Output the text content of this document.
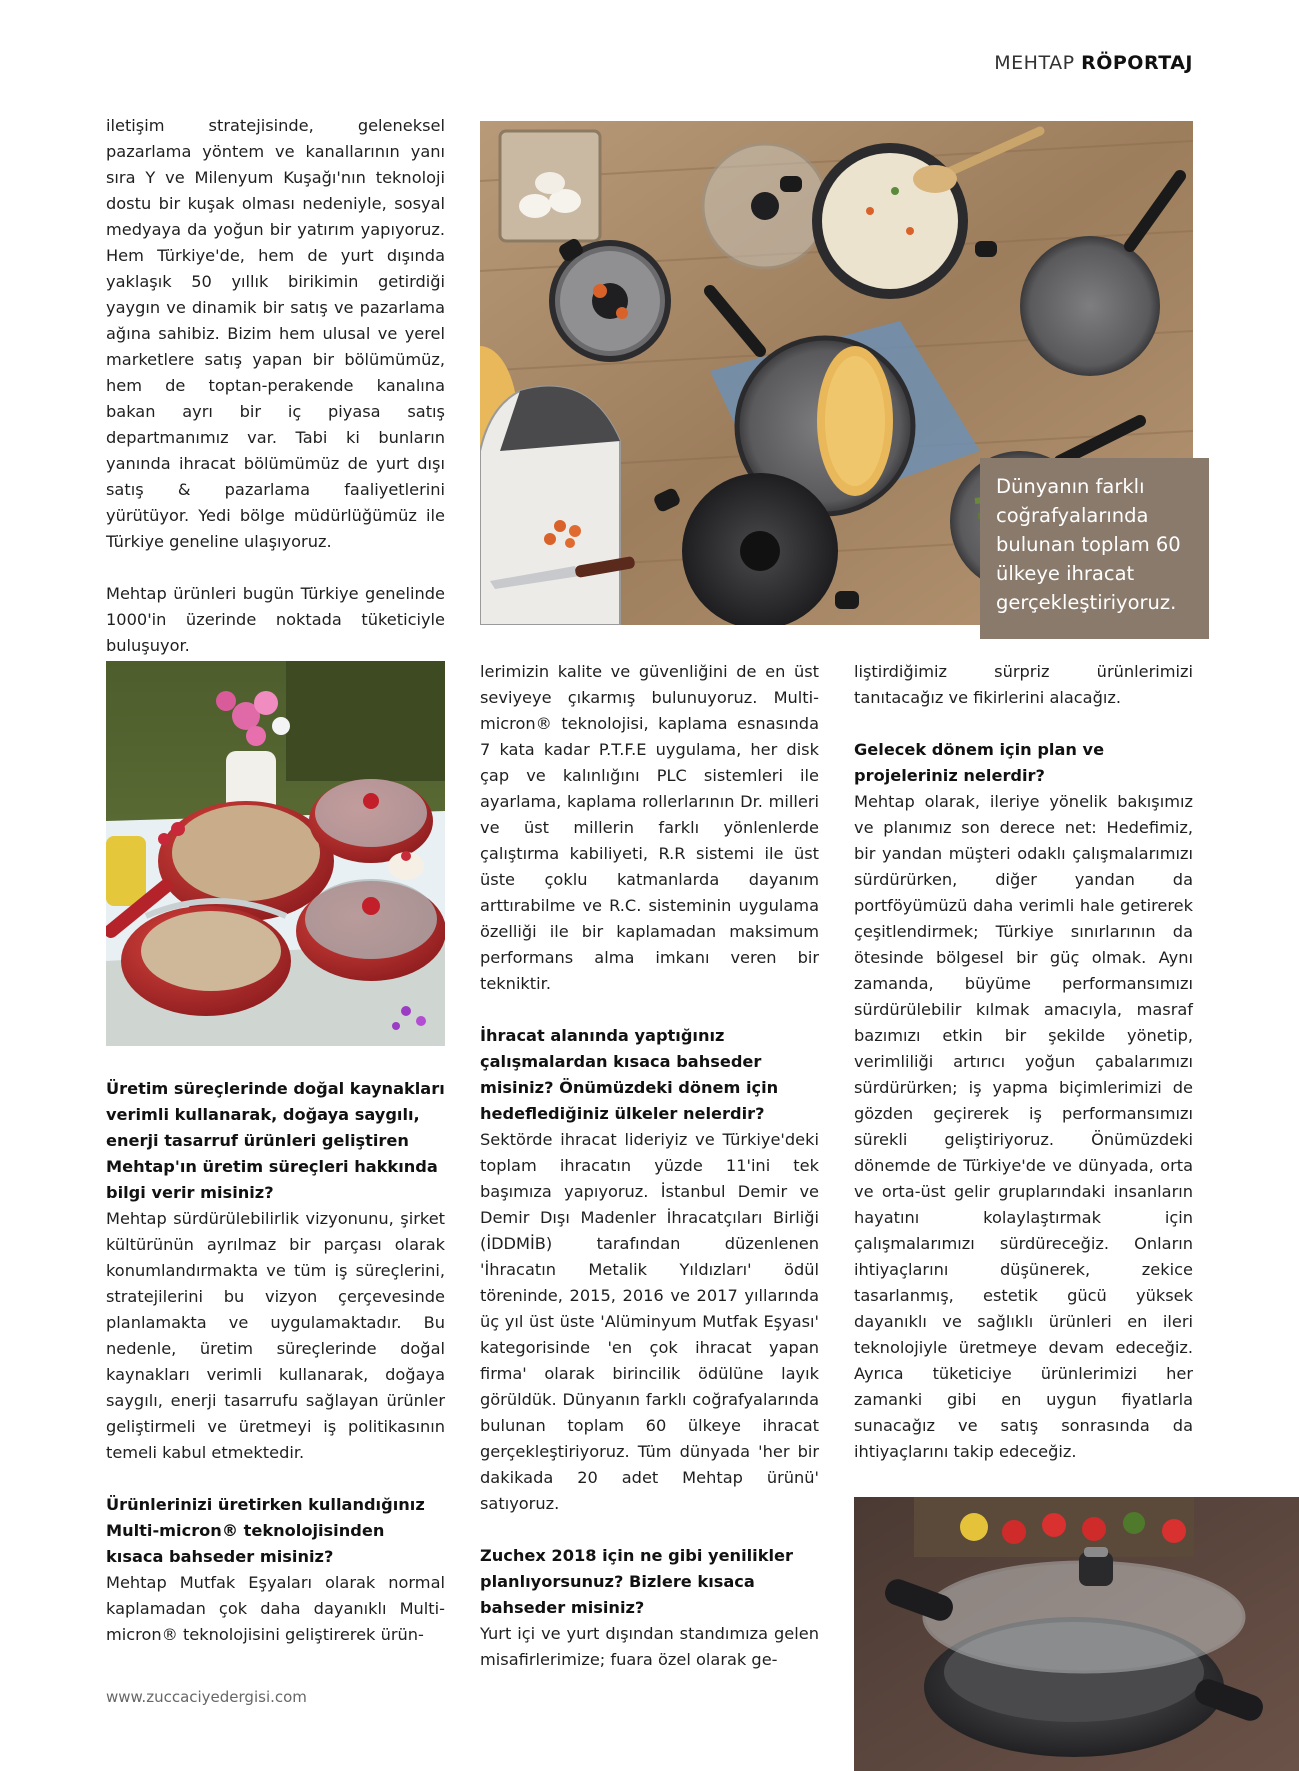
MEHTAP RÖPORTAJ

iletişim stratejisinde, geleneksel pazarlama yöntem ve kanallarının yanı sıra Y ve Milenyum Kuşağı'nın teknoloji dostu bir kuşak olması nedeniyle, sosyal medyaya da yoğun bir yatırım yapıyoruz. Hem Türkiye'de, hem de yurt dışında yaklaşık 50 yıllık birikimin getirdiği yaygın ve dinamik bir satış ve pazarlama ağına sahibiz. Bizim hem ulusal ve yerel marketlere satış yapan bir bölümümüz, hem de toptan-perakende kanalına bakan ayrı bir iç piyasa satış departmanımız var. Tabi ki bunların yanında ihracat bölümümüz de yurt dışı satış & pazarlama faaliyetlerini yürütüyor. Yedi bölge müdürlüğümüz ile Türkiye geneline ulaşıyoruz.

Mehtap ürünleri bugün Türkiye genelinde 1000'in üzerinde noktada tüketiciyle buluşuyor.

Dünyanın farklı coğrafyalarında bulunan toplam 60 ülkeye ihracat gerçekleştiriyoruz.
Üretim süreçlerinde doğal kaynakları verimli kullanarak, doğaya saygılı, enerji tasarruf ürünleri geliştiren Mehtap'ın üretim süreçleri hakkında bilgi verir misiniz?

Mehtap sürdürülebilirlik vizyonunu, şirket kültürünün ayrılmaz bir parçası olarak konumlandırmakta ve tüm iş süreçlerini, stratejilerini bu vizyon çerçevesinde planlamakta ve uygulamaktadır. Bu nedenle, üretim süreçlerinde doğal kaynakları verimli kullanarak, doğaya saygılı, enerji tasarrufu sağlayan ürünler geliştirmeli ve üretmeyi iş politikasının temeli kabul etmektedir.

Ürünlerinizi üretirken kullandığınız Multi-micron® teknolojisinden kısaca bahseder misiniz?

Mehtap Mutfak Eşyaları olarak normal kaplamadan çok daha dayanıklı Multi-micron® teknolojisini geliştirerek ürün-

lerimizin kalite ve güvenliğini de en üst seviyeye çıkarmış bulunuyoruz. Multi-micron® teknolojisi, kaplama esnasında 7 kata kadar P.T.F.E uygulama, her disk çap ve kalınlığını PLC sistemleri ile ayarlama, kaplama rollerlarının Dr. milleri ve üst millerin farklı yönlenlerde çalıştırma kabiliyeti, R.R sistemi ile üst üste çoklu katmanlarda dayanım arttırabilme ve R.C. sisteminin uygulama özelliği ile bir kaplamadan maksimum performans alma imkanı veren bir tekniktir.

İhracat alanında yaptığınız çalışmalardan kısaca bahseder misiniz? Önümüzdeki dönem için hedeflediğiniz ülkeler nelerdir?

Sektörde ihracat lideriyiz ve Türkiye'deki toplam ihracatın yüzde 11'ini tek başımıza yapıyoruz. İstanbul Demir ve Demir Dışı Madenler İhracatçıları Birliği (İDDMİB) tarafından düzenlenen 'İhracatın Metalik Yıldızları' ödül töreninde, 2015, 2016 ve 2017 yıllarında üç yıl üst üste 'Alüminyum Mutfak Eşyası' kategorisinde 'en çok ihracat yapan firma' olarak birincilik ödülüne layık görüldük. Dünyanın farklı coğrafyalarında bulunan toplam 60 ülkeye ihracat gerçekleştiriyoruz. Tüm dünyada 'her bir dakikada 20 adet Mehtap ürünü' satıyoruz.

Zuchex 2018 için ne gibi yenilikler planlıyorsunuz? Bizlere kısaca bahseder misiniz?

Yurt içi ve yurt dışından standımıza gelen misafirlerimize; fuara özel olarak ge-

liştirdiğimiz sürpriz ürünlerimizi tanıtacağız ve fikirlerini alacağız.

Gelecek dönem için plan ve projeleriniz nelerdir?

Mehtap olarak, ileriye yönelik bakışımız ve planımız son derece net: Hedefimiz, bir yandan müşteri odaklı çalışmalarımızı sürdürürken, diğer yandan da portföyümüzü daha verimli hale getirerek çeşitlendirmek; Türkiye sınırlarının da ötesinde bölgesel bir güç olmak. Aynı zamanda, büyüme performansımızı sürdürülebilir kılmak amacıyla, masraf bazımızı etkin bir şekilde yönetip, verimliliği artırıcı yoğun çabalarımızı sürdürürken; iş yapma biçimlerimizi de gözden geçirerek iş performansımızı sürekli geliştiriyoruz. Önümüzdeki dönemde de Türkiye'de ve dünyada, orta ve orta-üst gelir gruplarındaki insanların hayatını kolaylaştırmak için çalışmalarımızı sürdüreceğiz. Onların ihtiyaçlarını düşünerek, zekice tasarlanmış, estetik gücü yüksek dayanıklı ve sağlıklı ürünleri en ileri teknolojiyle üretmeye devam edeceğiz. Ayrıca tüketiciye ürünlerimizi her zamanki gibi en uygun fiyatlarla sunacağız ve satış sonrasında da ihtiyaçlarını takip edeceğiz.

www.zuccaciyedergisi.com
